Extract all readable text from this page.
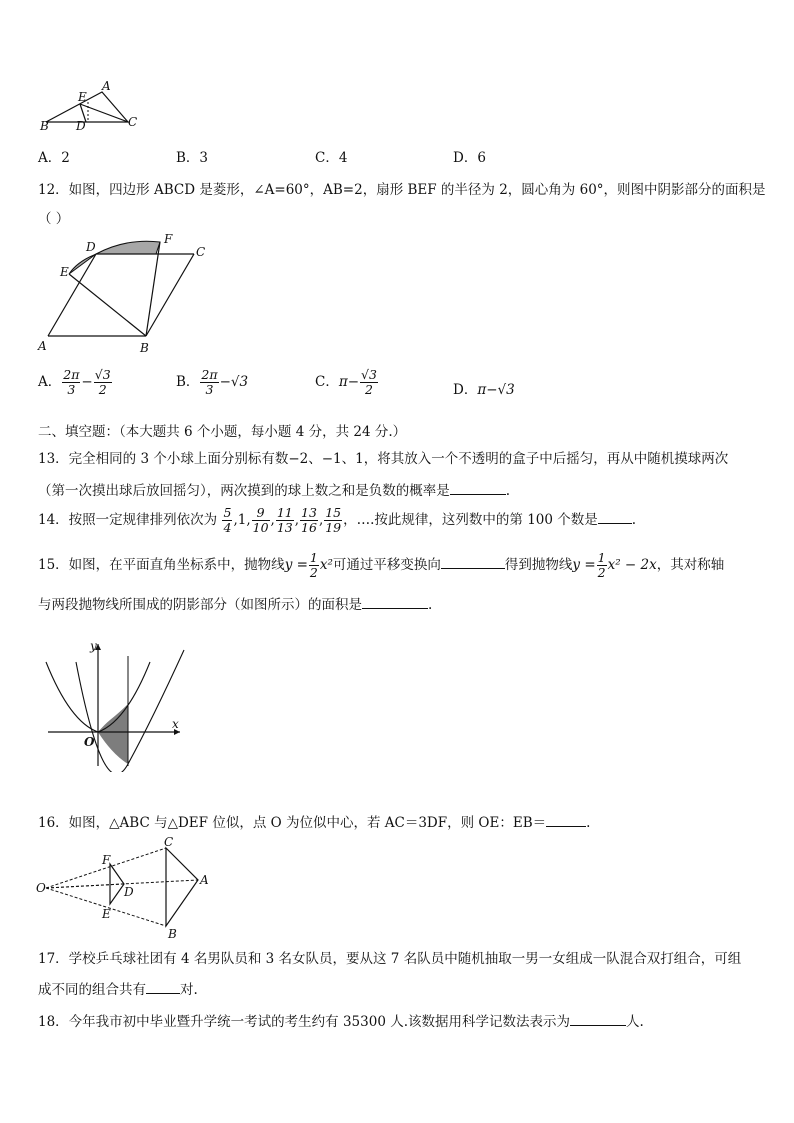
A
E
B D	C
A．2	B．3	C．4	D．6
12．如图，四边形 ABCD 是菱形，∠A=60°，AB=2，扇形 BEF 的半径为 2，圆心角为 60°，则图中阴影部分的面积是
（ ）
D
F
C
E
A	B
A． $\frac{2\pi}{3} - \frac{√3}{2}$	B． $\frac{2\pi}{3} -√3$	C．$\pi- \frac{√3}{2}$	D．π−√3
二、填空题：（本大题共 6 个小题，每小题 4 分，共 24 分.）
13．完全相同的 3 个小球上面分别标有数−2、−1、1，将其放入一个不透明的盒子中后摇匀，再从中随机摸球两次
（第一次摸出球后放回摇匀），两次摸到的球上数之和是负数的概率是	.
14．按照一定规律排列依次为 $\frac{5}{4} ,1$, $\frac{9}{10}$ , $\frac{11}{13}$ , $\frac{13}{16}$ , $\frac{15}{19}$ ，….按此规律，这列数中的第 100 个数是	.
15．如图，在平面直角坐标系中，抛物线$y = \frac{1}{2} x^2$可通过平移变换向	得到抛物线$y = \frac{1}{2} x^2 - 2x$，其对称轴
与两段抛物线所围成的阴影部分（如图所示）的面积是	.
y
x
O
16．如图，△ABC 与△DEF 位似，点 O 为位似中心，若 AC＝3DF，则 OE：EB＝	.
O
F
D
E
C
A
B
17．学校乒乓球社团有 4 名男队员和 3 名女队员，要从这 7 名队员中随机抽取一男一女组成一队混合双打组合，可组
成不同的组合共有	对.
18．今年我市初中毕业暨升学统一考试的考生约有 35300 人.该数据用科学记数法表示为	人.
